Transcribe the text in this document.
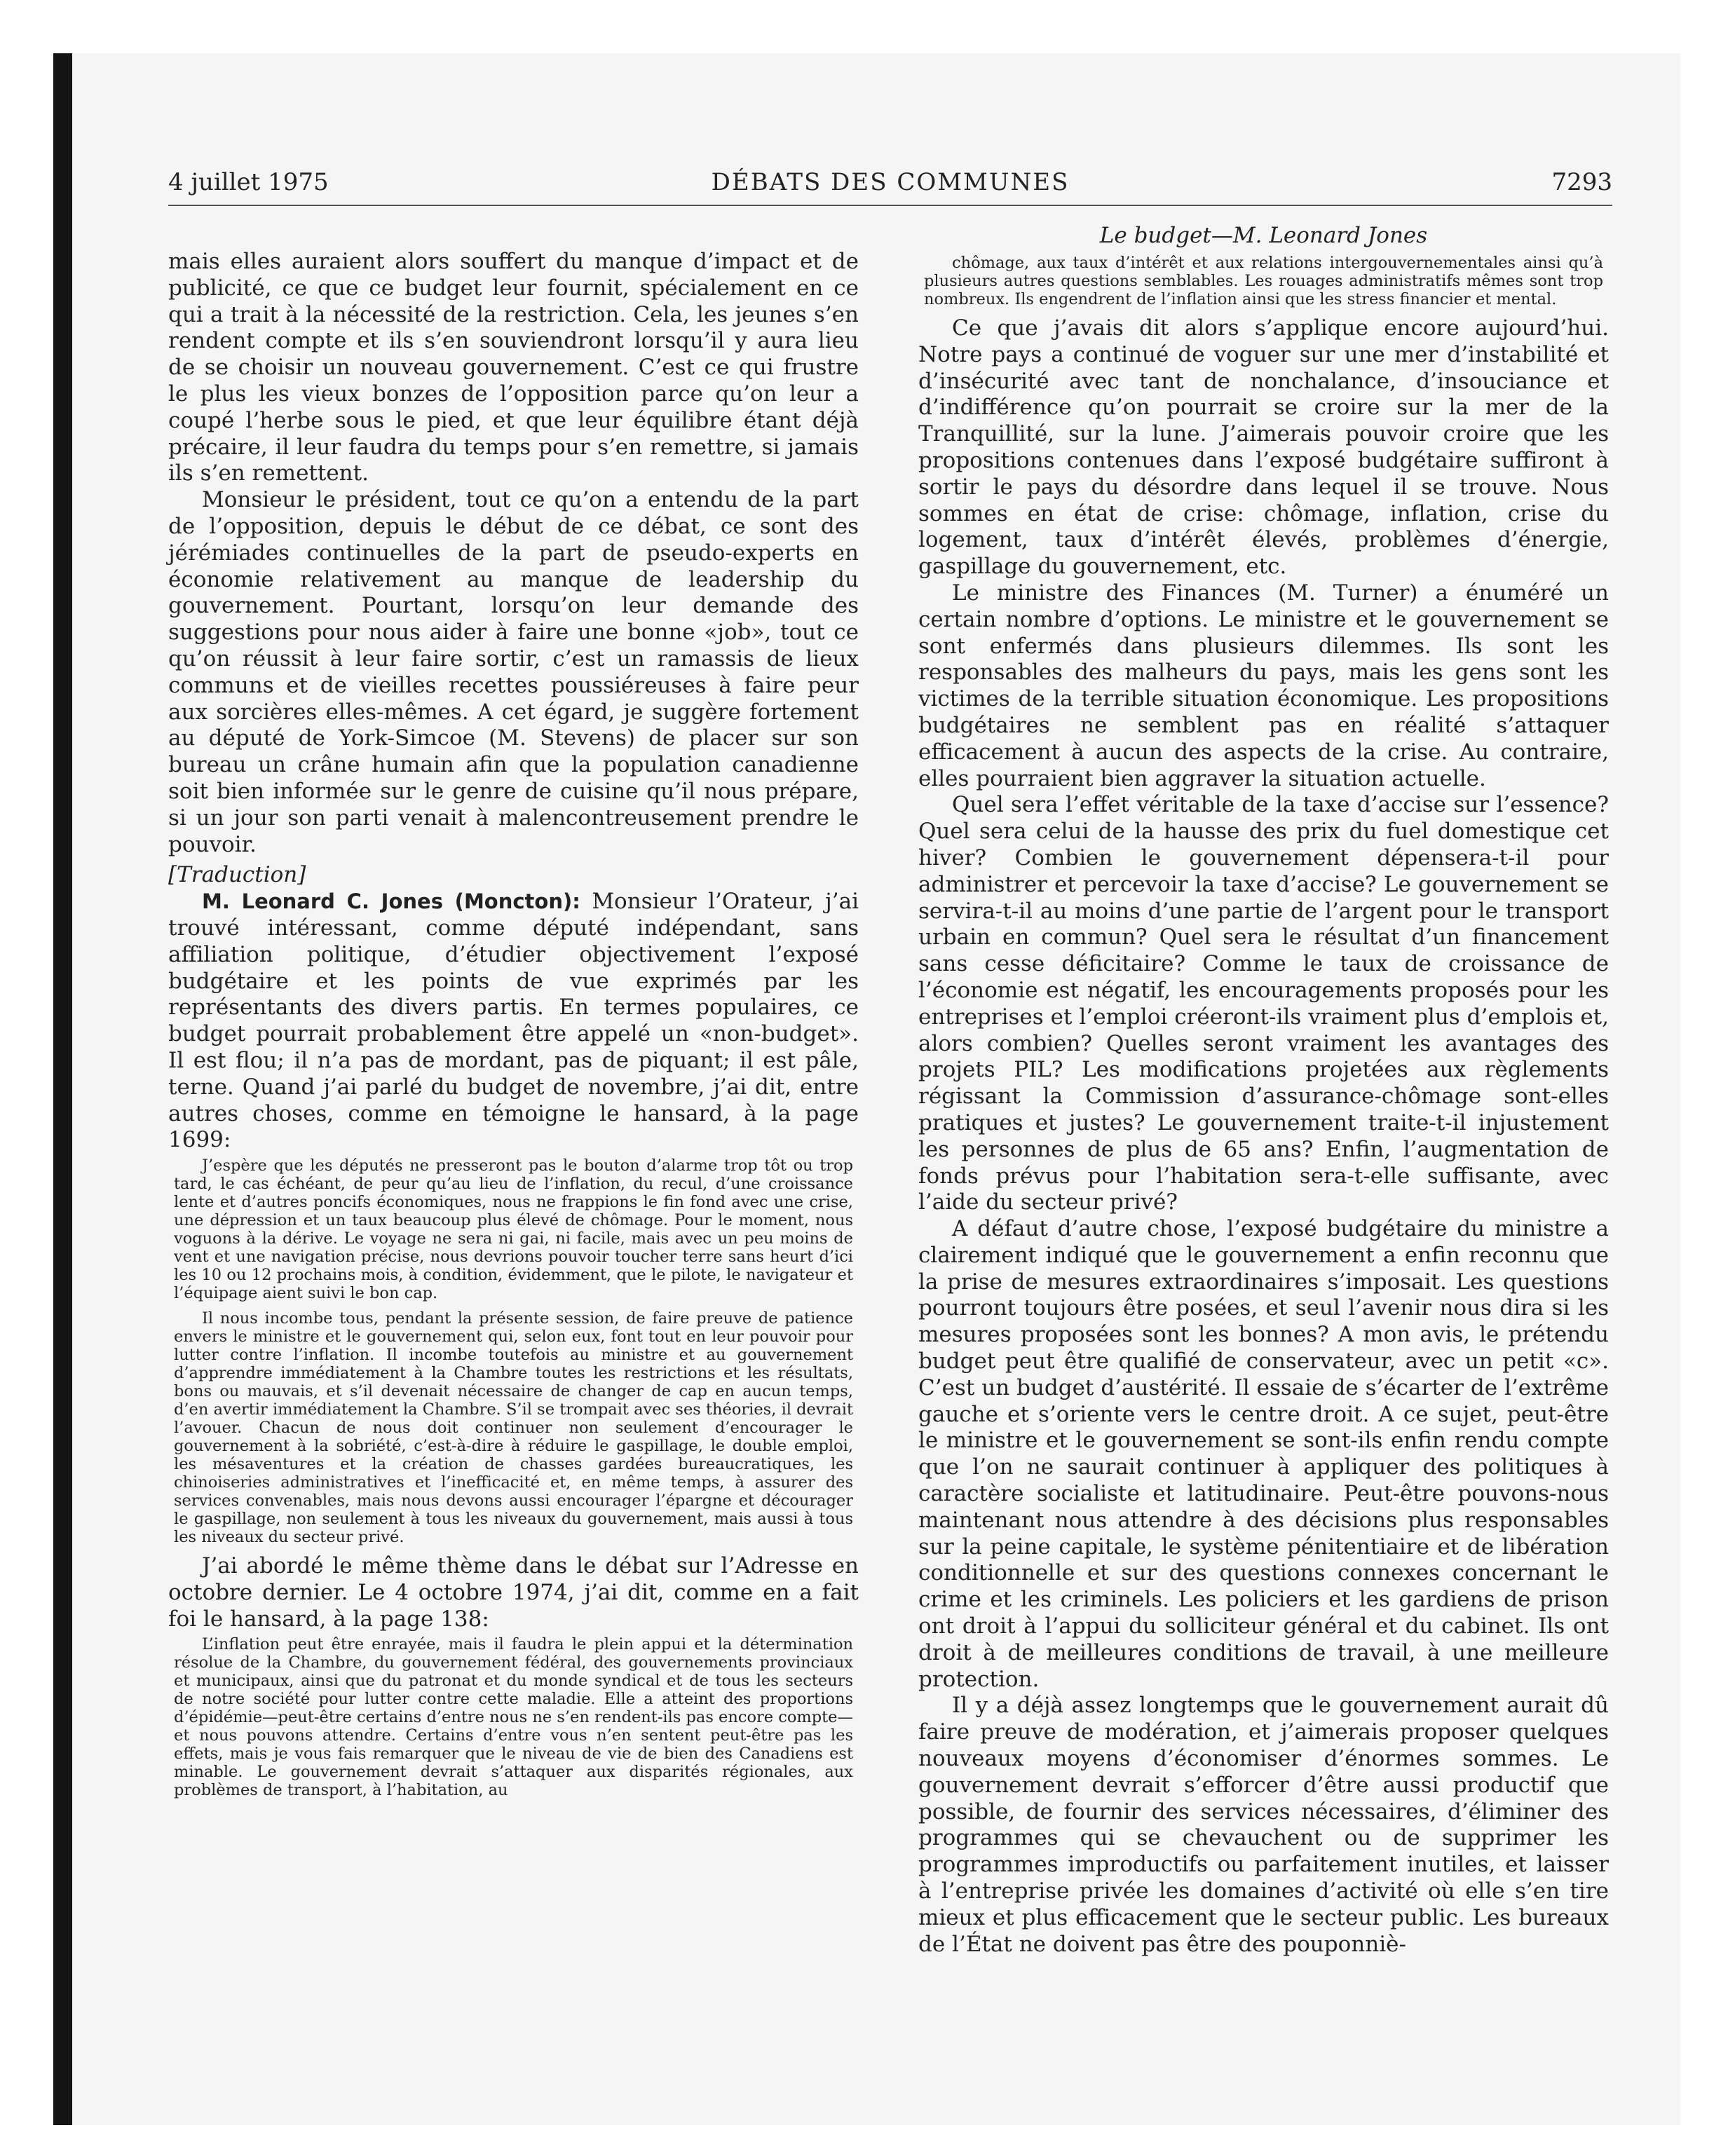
4 juillet 1975	DÉBATS DES COMMUNES	7293

mais elles auraient alors souffert du manque d’impact et de publicité, ce que ce budget leur fournit, spécialement en ce qui a trait à la nécessité de la restriction. Cela, les jeunes s’en rendent compte et ils s’en souviendront lorsqu’il y aura lieu de se choisir un nouveau gouvernement. C’est ce qui frustre le plus les vieux bonzes de l’opposition parce qu’on leur a coupé l’herbe sous le pied, et que leur équilibre étant déjà précaire, il leur faudra du temps pour s’en remettre, si jamais ils s’en remettent.

Monsieur le président, tout ce qu’on a entendu de la part de l’opposition, depuis le début de ce débat, ce sont des jérémiades continuelles de la part de pseudo-experts en économie relativement au manque de leadership du gouvernement. Pourtant, lorsqu’on leur demande des suggestions pour nous aider à faire une bonne «job», tout ce qu’on réussit à leur faire sortir, c’est un ramassis de lieux communs et de vieilles recettes poussiéreuses à faire peur aux sorcières elles-mêmes. A cet égard, je suggère fortement au député de York-Simcoe (M. Stevens) de placer sur son bureau un crâne humain afin que la population canadienne soit bien informée sur le genre de cuisine qu’il nous prépare, si un jour son parti venait à malencontreusement prendre le pouvoir.

[Traduction]

M. Leonard C. Jones (Moncton): Monsieur l’Orateur, j’ai trouvé intéressant, comme député indépendant, sans affiliation politique, d’étudier objectivement l’exposé budgétaire et les points de vue exprimés par les représentants des divers partis. En termes populaires, ce budget pourrait probablement être appelé un «non-budget». Il est flou; il n’a pas de mordant, pas de piquant; il est pâle, terne. Quand j’ai parlé du budget de novembre, j’ai dit, entre autres choses, comme en témoigne le hansard, à la page 1699:

J’espère que les députés ne presseront pas le bouton d’alarme trop tôt ou trop tard, le cas échéant, de peur qu’au lieu de l’inflation, du recul, d’une croissance lente et d’autres poncifs économiques, nous ne frappions le fin fond avec une crise, une dépression et un taux beaucoup plus élevé de chômage. Pour le moment, nous voguons à la dérive. Le voyage ne sera ni gai, ni facile, mais avec un peu moins de vent et une navigation précise, nous devrions pouvoir toucher terre sans heurt d’ici les 10 ou 12 prochains mois, à condition, évidemment, que le pilote, le navigateur et l’équipage aient suivi le bon cap.

Il nous incombe tous, pendant la présente session, de faire preuve de patience envers le ministre et le gouvernement qui, selon eux, font tout en leur pouvoir pour lutter contre l’inflation. Il incombe toutefois au ministre et au gouvernement d’apprendre immédiatement à la Chambre toutes les restrictions et les résultats, bons ou mauvais, et s’il devenait nécessaire de changer de cap en aucun temps, d’en avertir immédiatement la Chambre. S’il se trompait avec ses théories, il devrait l’avouer. Chacun de nous doit continuer non seulement d’encourager le gouvernement à la sobriété, c’est-à-dire à réduire le gaspillage, le double emploi, les mésaventures et la création de chasses gardées bureaucratiques, les chinoiseries administratives et l’inefficacité et, en même temps, à assurer des services convenables, mais nous devons aussi encourager l’épargne et décourager le gaspillage, non seulement à tous les niveaux du gouvernement, mais aussi à tous les niveaux du secteur privé.

J’ai abordé le même thème dans le débat sur l’Adresse en octobre dernier. Le 4 octobre 1974, j’ai dit, comme en a fait foi le hansard, à la page 138:

L’inflation peut être enrayée, mais il faudra le plein appui et la détermination résolue de la Chambre, du gouvernement fédéral, des gouvernements provinciaux et municipaux, ainsi que du patronat et du monde syndical et de tous les secteurs de notre société pour lutter contre cette maladie. Elle a atteint des proportions d’épidémie—peut-être certains d’entre nous ne s’en rendent-ils pas encore compte—et nous pouvons attendre. Certains d’entre vous n’en sentent peut-être pas les effets, mais je vous fais remarquer que le niveau de vie de bien des Canadiens est minable. Le gouvernement devrait s’attaquer aux disparités régionales, aux problèmes de transport, à l’habitation, au

Le budget—M. Leonard Jones

chômage, aux taux d’intérêt et aux relations intergouvernementales ainsi qu’à plusieurs autres questions semblables. Les rouages administratifs mêmes sont trop nombreux. Ils engendrent de l’inflation ainsi que les stress financier et mental.

Ce que j’avais dit alors s’applique encore aujourd’hui. Notre pays a continué de voguer sur une mer d’instabilité et d’insécurité avec tant de nonchalance, d’insouciance et d’indifférence qu’on pourrait se croire sur la mer de la Tranquillité, sur la lune. J’aimerais pouvoir croire que les propositions contenues dans l’exposé budgétaire suffiront à sortir le pays du désordre dans lequel il se trouve. Nous sommes en état de crise: chômage, inflation, crise du logement, taux d’intérêt élevés, problèmes d’énergie, gaspillage du gouvernement, etc.

Le ministre des Finances (M. Turner) a énuméré un certain nombre d’options. Le ministre et le gouvernement se sont enfermés dans plusieurs dilemmes. Ils sont les responsables des malheurs du pays, mais les gens sont les victimes de la terrible situation économique. Les propositions budgétaires ne semblent pas en réalité s’attaquer efficacement à aucun des aspects de la crise. Au contraire, elles pourraient bien aggraver la situation actuelle.

Quel sera l’effet véritable de la taxe d’accise sur l’essence? Quel sera celui de la hausse des prix du fuel domestique cet hiver? Combien le gouvernement dépensera-t-il pour administrer et percevoir la taxe d’accise? Le gouvernement se servira-t-il au moins d’une partie de l’argent pour le transport urbain en commun? Quel sera le résultat d’un financement sans cesse déficitaire? Comme le taux de croissance de l’économie est négatif, les encouragements proposés pour les entreprises et l’emploi créeront-ils vraiment plus d’emplois et, alors combien? Quelles seront vraiment les avantages des projets PIL? Les modifications projetées aux règlements régissant la Commission d’assurance-chômage sont-elles pratiques et justes? Le gouvernement traite-t-il injustement les personnes de plus de 65 ans? Enfin, l’augmentation de fonds prévus pour l’habitation sera-t-elle suffisante, avec l’aide du secteur privé?

A défaut d’autre chose, l’exposé budgétaire du ministre a clairement indiqué que le gouvernement a enfin reconnu que la prise de mesures extraordinaires s’imposait. Les questions pourront toujours être posées, et seul l’avenir nous dira si les mesures proposées sont les bonnes? A mon avis, le prétendu budget peut être qualifié de conservateur, avec un petit «c». C’est un budget d’austérité. Il essaie de s’écarter de l’extrême gauche et s’oriente vers le centre droit. A ce sujet, peut-être le ministre et le gouvernement se sont-ils enfin rendu compte que l’on ne saurait continuer à appliquer des politiques à caractère socialiste et latitudinaire. Peut-être pouvons-nous maintenant nous attendre à des décisions plus responsables sur la peine capitale, le système pénitentiaire et de libération conditionnelle et sur des questions connexes concernant le crime et les criminels. Les policiers et les gardiens de prison ont droit à l’appui du solliciteur général et du cabinet. Ils ont droit à de meilleures conditions de travail, à une meilleure protection.

Il y a déjà assez longtemps que le gouvernement aurait dû faire preuve de modération, et j’aimerais proposer quelques nouveaux moyens d’économiser d’énormes sommes. Le gouvernement devrait s’efforcer d’être aussi productif que possible, de fournir des services nécessaires, d’éliminer des programmes qui se chevauchent ou de supprimer les programmes improductifs ou parfaitement inutiles, et laisser à l’entreprise privée les domaines d’activité où elle s’en tire mieux et plus efficacement que le secteur public. Les bureaux de l’État ne doivent pas être des pouponniè-
